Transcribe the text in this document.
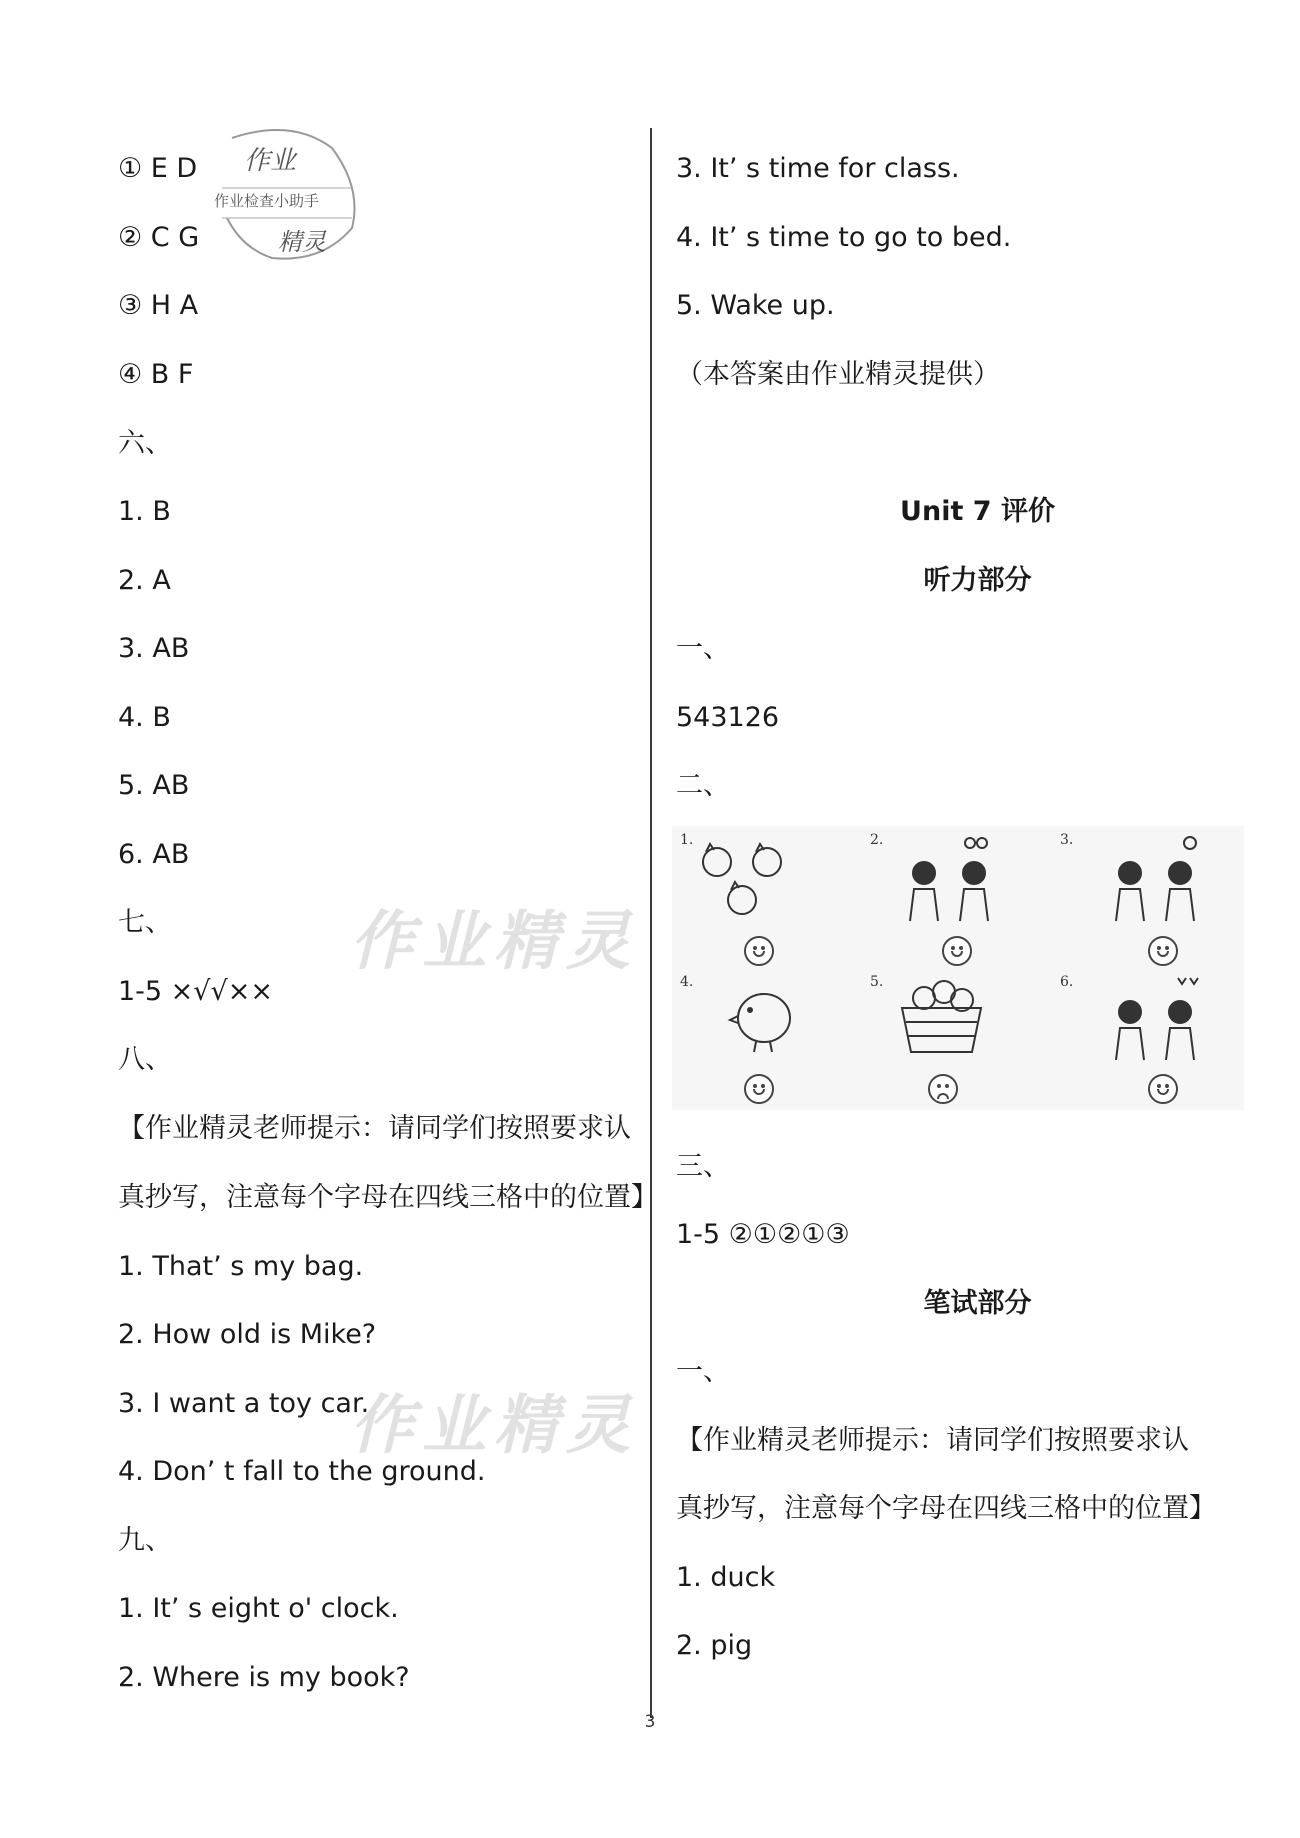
作业
作业检查小助手
精灵
作业精灵
作业精灵
① E D
② C G
③ H A
④ B F
六、
1. B
2. A
3. AB
4. B
5. AB
6. AB
七、
1-5 ×√√××
八、
【作业精灵老师提示：请同学们按照要求认
真抄写，注意每个字母在四线三格中的位置】
1. That’ s my bag.
2. How old is Mike?
3. I want a toy car.
4. Don’ t fall to the ground.
九、
1. It’ s eight o' clock.
2. Where is my book?
3. It’ s time for class.
4. It’ s time to go to bed.
5. Wake up.
（本答案由作业精灵提供）
Unit 7 评价
听力部分
一、
543126
二、
三、
1-5 ②①②①③
笔试部分
一、
【作业精灵老师提示：请同学们按照要求认
真抄写，注意每个字母在四线三格中的位置】
1. duck
2. pig
1.	2.	3.
4.	5.	6.
3
